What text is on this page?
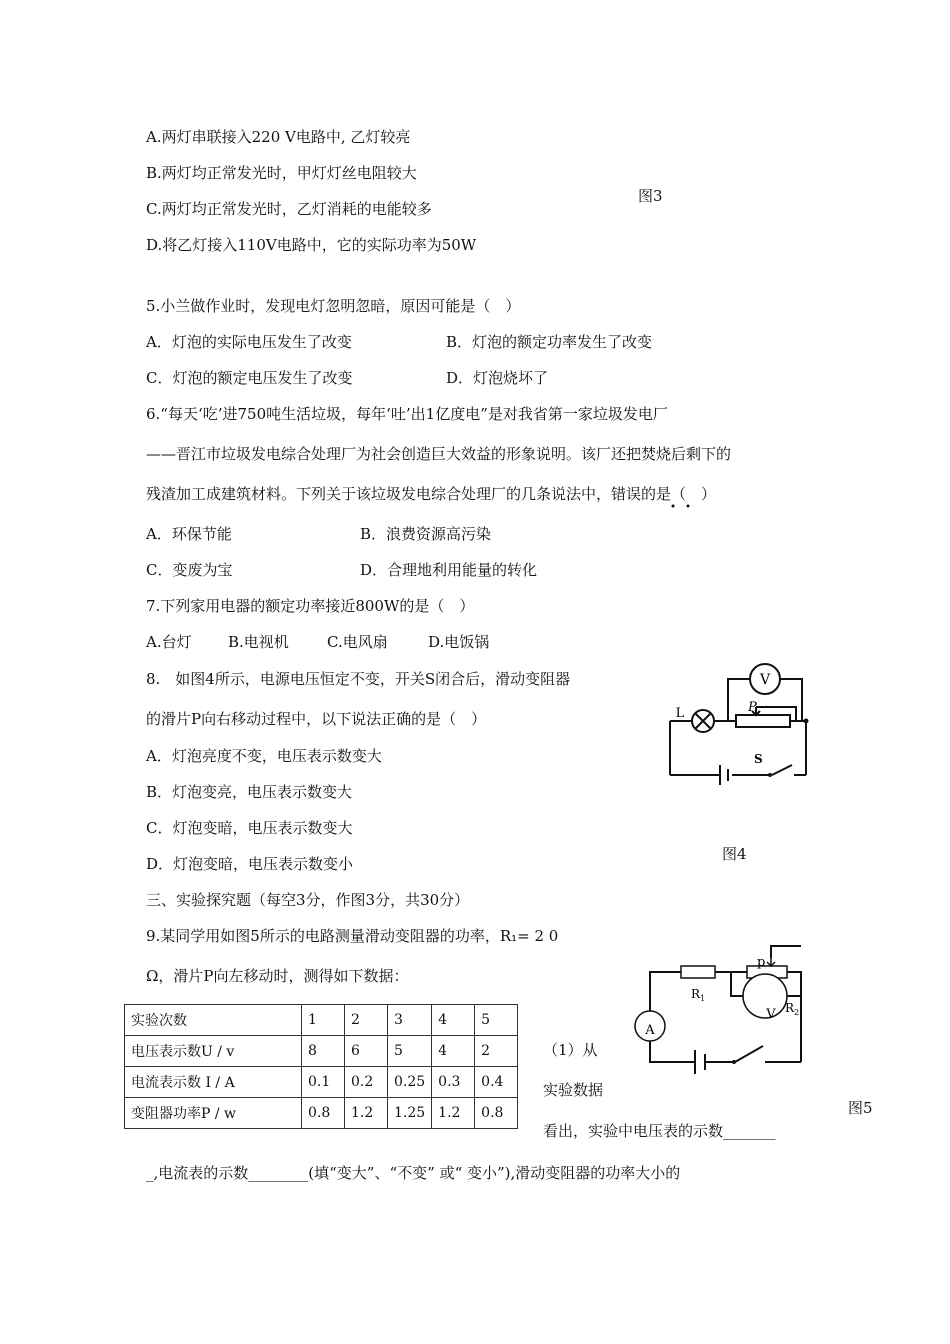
A.两灯串联接入220 V电路中, 乙灯较亮
B.两灯均正常发光时，甲灯灯丝电阻较大
C.两灯均正常发光时，乙灯消耗的电能较多
D.将乙灯接入110V电路中，它的实际功率为50W
图3
5.小兰做作业时，发现电灯忽明忽暗，原因可能是（　）
A．灯泡的实际电压发生了改变	B．灯泡的额定功率发生了改变
C．灯泡的额定电压发生了改变	D．灯泡烧坏了
6.“每天‘吃’进750吨生活垃圾，每年‘吐’出1亿度电”是对我省第一家垃圾发电厂
——晋江市垃圾发电综合处理厂为社会创造巨大效益的形象说明。该厂还把焚烧后剩下的
残渣加工成建筑材料。下列关于该垃圾发电综合处理厂的几条说法中，错误的是（　）
A．环保节能	B．浪费资源高污染
C．变废为宝	D．合理地利用能量的转化
7.下列家用电器的额定功率接近800W的是（　）
A.台灯 B.电视机	C.电风扇	D.电饭锅
8.　如图4所示，电源电压恒定不变，开关S闭合后，滑动变阻器
的滑片P向右移动过程中，以下说法正确的是（　）
A．灯泡亮度不变，电压表示数变大
B．灯泡变亮，电压表示数变大
C．灯泡变暗，电压表示数变大
D．灯泡变暗，电压表示数变小
V
L	P
S
图4
三、实验探究题（每空3分，作图3分，共30分）
9.某同学用如图5所示的电路测量滑动变阻器的功率，R₁= 2 0
Ω，滑片P向左移动时，测得如下数据：
实验次数	1	2	3	4	5
电压表示数U / v	8	6	5	4	2
电流表示数 I / A	0.1	0.2	0.25	0.3	0.4
变阻器功率P / w	0.8	1.2	1.25	1.2	0.8
（1）从
实验数据
看出，实验中电压表的示数_______
_,电流表的示数________(填“变大”、“不变” 或“ 变小”),滑动变阻器的功率大小的
A
$R_1$
p
V $R_2$
图5
